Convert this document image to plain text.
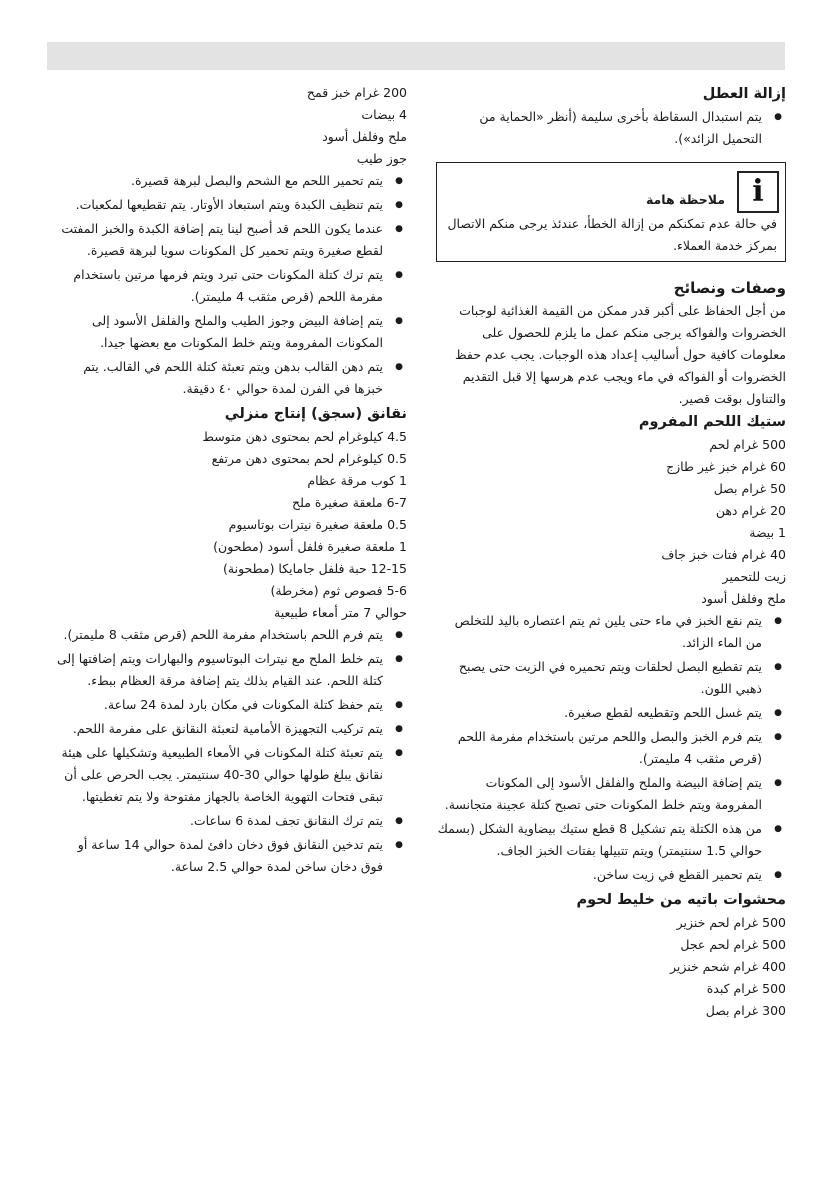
إزالة العطل
● يتم استبدال السقاطة بأخرى سليمة (أنظر «الحماية من التحميل الزائد»).
i
ملاحظة هامة
في حالة عدم تمكنكم من إزالة الخطأ، عندئذ يرجى منكم الاتصال بمركز خدمة العملاء.
وصفات ونصائح

من أجل الحفاظ على أكبر قدر ممكن من القيمة الغذائية لوجبات الخضروات والفواكه يرجى منكم عمل ما يلزم للحصول على معلومات كافية حول أساليب إعداد هذه الوجبات. يجب عدم حفظ الخضروات أو الفواكه في ماء ويجب عدم هرسها إلا قبل التقديم والتناول بوقت قصير.

ستيك اللحم المفروم

500 غرام لحم

60 غرام خبز غير طازج

50 غرام بصل

20 غرام دهن

1 بيضة

40 غرام فتات خبز جاف

زيت للتحمير

ملح وفلفل أسود

● يتم نقع الخبز في ماء حتى يلين ثم يتم اعتصاره باليد للتخلص من الماء الزائد.
● يتم تقطيع البصل لحلقات ويتم تحميره في الزيت حتى يصبح ذهبي اللون.
● يتم غسل اللحم وتقطيعه لقطع صغيرة.
● يتم فرم الخبز والبصل واللحم مرتين باستخدام مفرمة اللحم (قرص مثقب 4 مليمتر).
● يتم إضافة البيضة والملح والفلفل الأسود إلى المكونات المفرومة ويتم خلط المكونات حتى تصبح كتلة عجينة متجانسة.
● من هذه الكتلة يتم تشكيل 8 قطع ستيك بيضاوية الشكل (بسمك حوالي 1.5 سنتيمتر) ويتم تتبيلها بفتات الخبز الجاف.
● يتم تحمير القطع في زيت ساخن.
محشوات باتيه من خليط لحوم

500 غرام لحم خنزير

500 غرام لحم عجل

400 غرام شحم خنزير

500 غرام كبدة

300 غرام بصل

200 غرام خبز قمح

4 بيضات

ملح وفلفل أسود

جوز طيب

● يتم تحمير اللحم مع الشحم والبصل لبرهة قصيرة.
● يتم تنظيف الكبدة ويتم استبعاد الأوتار. يتم تقطيعها لمكعبات.
● عندما يكون اللحم قد أصبح لينا يتم إضافة الكبدة والخبز المفتت لقطع صغيرة ويتم تحمير كل المكونات سويا لبرهة قصيرة.
● يتم ترك كتلة المكونات حتى تبرد ويتم فرمها مرتين باستخدام مفرمة اللحم (قرص مثقب 4 مليمتر).
● يتم إضافة البيض وجوز الطيب والملح والفلفل الأسود إلى المكونات المفرومة ويتم خلط المكونات مع بعضها جيدا.
● يتم دهن القالب بدهن ويتم تعبئة كتلة اللحم في القالب. يتم خبزها في الفرن لمدة حوالي ٤٠ دقيقة.
نقانق (سجق) إنتاج منزلي

4.5 كيلوغرام لحم بمحتوى دهن متوسط

0.5 كيلوغرام لحم بمحتوى دهن مرتفع

1 كوب مرقة عظام

6-7 ملعقة صغيرة ملح

0.5 ملعقة صغيرة نيترات بوتاسيوم

1 ملعقة صغيرة فلفل أسود (مطحون)

12-15 حبة فلفل جامايكا (مطحونة)

5-6 فصوص ثوم (مخرطة)

حوالي 7 متر أمعاء طبيعية

● يتم فرم اللحم باستخدام مفرمة اللحم (قرص مثقب 8 مليمتر).
● يتم خلط الملح مع نيترات البوتاسيوم والبهارات ويتم إضافتها إلى كتلة اللحم. عند القيام بذلك يتم إضافة مرقة العظام ببطء.
● يتم حفظ كتلة المكونات في مكان بارد لمدة 24 ساعة.
● يتم تركيب التجهيزة الأمامية لتعبئة النقانق على مفرمة اللحم.
● يتم تعبئة كتلة المكونات في الأمعاء الطبيعية وتشكيلها على هيئة نقانق يبلغ طولها حوالي 30-40 سنتيمتر. يجب الحرص على أن تبقى فتحات التهوية الخاصة بالجهاز مفتوحة ولا يتم تغطيتها.
● يتم ترك النقانق تجف لمدة 6 ساعات.
● يتم تدخين النقانق فوق دخان دافئ لمدة حوالي 14 ساعة أو فوق دخان ساخن لمدة حوالي 2.5 ساعة.
